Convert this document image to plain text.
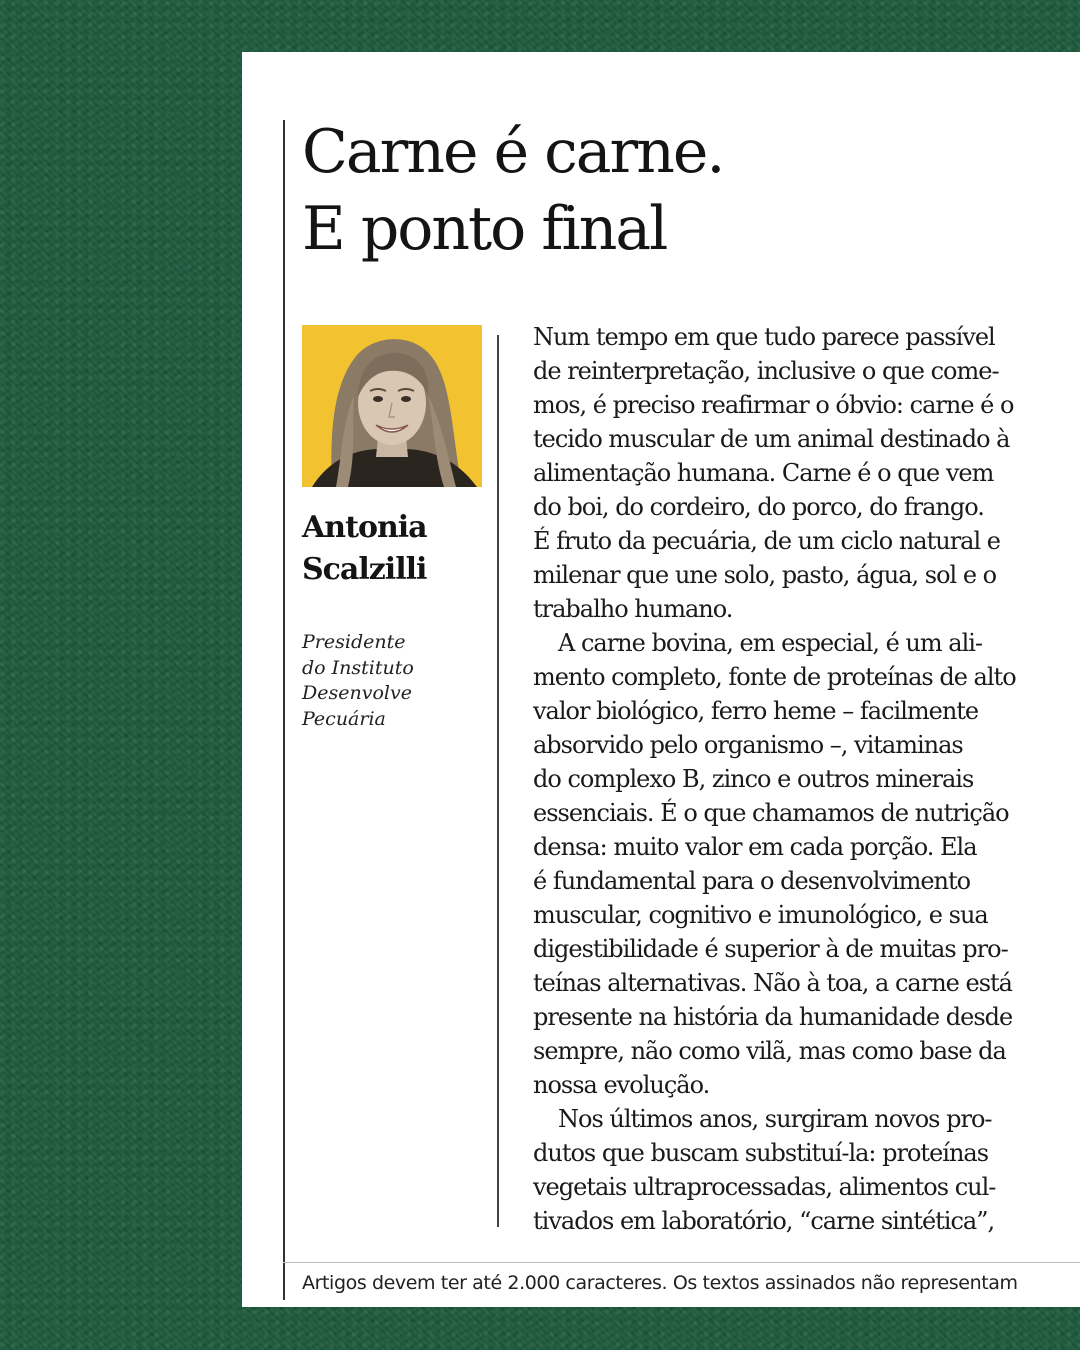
Carne é carne.
E ponto final

Antonia
Scalzilli

Presidente
do Instituto
Desenvolve
Pecuária

Num tempo em que tudo parece passível
de reinterpretação, inclusive o que come-
mos, é preciso reafirmar o óbvio: carne é o
tecido muscular de um animal destinado à
alimentação humana. Carne é o que vem
do boi, do cordeiro, do porco, do frango.
É fruto da pecuária, de um ciclo natural e
milenar que une solo, pasto, água, sol e o
trabalho humano.
A carne bovina, em especial, é um ali-
mento completo, fonte de proteínas de alto
valor biológico, ferro heme – facilmente
absorvido pelo organismo –, vitaminas
do complexo B, zinco e outros minerais
essenciais. É o que chamamos de nutrição
densa: muito valor em cada porção. Ela
é fundamental para o desenvolvimento
muscular, cognitivo e imunológico, e sua
digestibilidade é superior à de muitas pro-
teínas alternativas. Não à toa, a carne está
presente na história da humanidade desde
sempre, não como vilã, mas como base da
nossa evolução.
Nos últimos anos, surgiram novos pro-
dutos que buscam substituí-la: proteínas
vegetais ultraprocessadas, alimentos cul-
tivados em laboratório, “carne sintética”,

Artigos devem ter até 2.000 caracteres. Os textos assinados não representam
